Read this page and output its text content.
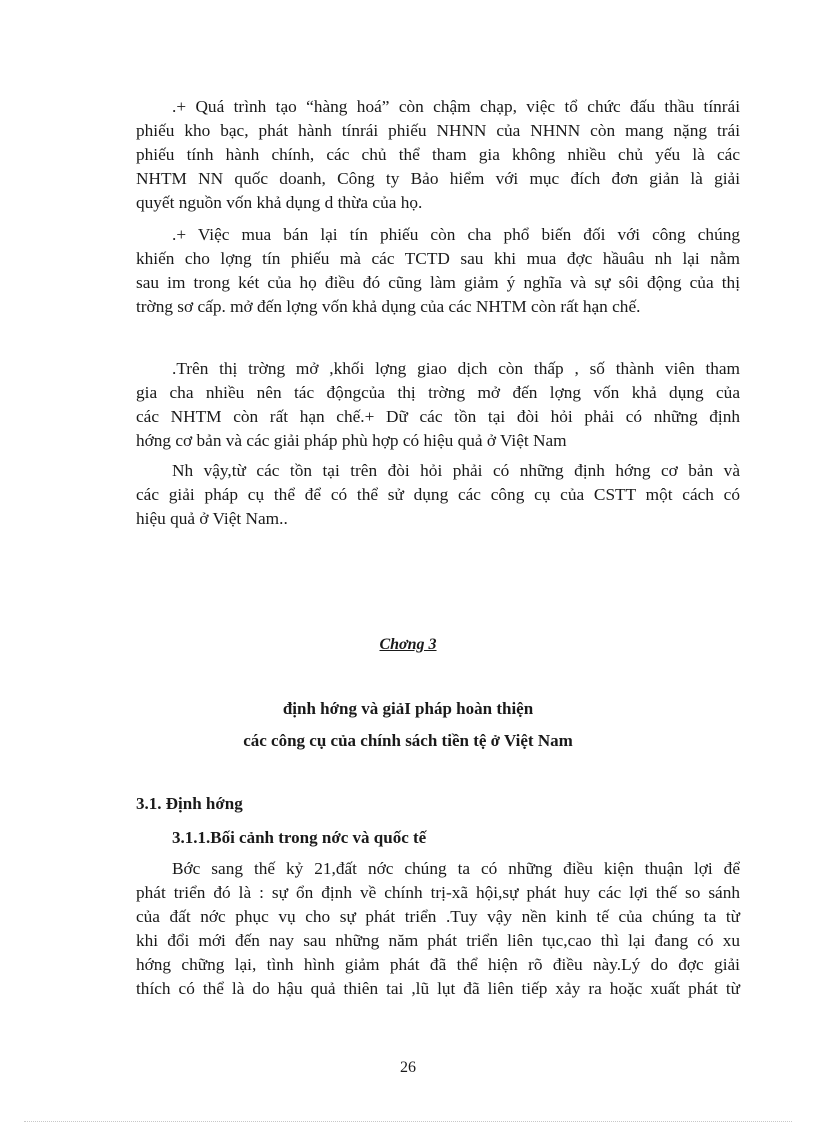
.+ Quá trình tạo “hàng hoá” còn chậm chạp, việc tổ chức đấu thầu tínrái
phiếu kho bạc, phát hành tínrái phiếu NHNN của NHNN còn mang nặng trái
phiếu tính hành chính, các chủ thể tham gia không nhiều chủ yếu là các
NHTM NN quốc doanh, Công ty Bảo hiểm với mục đích đơn giản là giải
quyết nguồn vốn khả dụng d thừa của họ.

.+ Việc mua bán lại tín phiếu còn cha phổ biến đối với công chúng
khiến cho lợng tín phiếu mà các TCTD sau khi mua đợc hầuâu nh lại nằm
sau im trong két của họ điều đó cũng làm giảm ý nghĩa và sự sôi động của thị
trờng sơ cấp. mở đến lợng vốn khả dụng của các NHTM còn rất hạn chế.

.Trên thị trờng mở ,khối lợng giao dịch còn thấp , số thành viên tham
gia cha nhiều nên tác độngcủa thị trờng mở đến lợng vốn khả dụng của
các NHTM còn rất hạn chế.+ Dữ các tồn tại đòi hỏi phải có những định
hớng cơ bản và các giải pháp phù hợp có hiệu quả ở Việt Nam

Nh vậy,từ các tồn tại trên đòi hỏi phải có những định hớng cơ bản và
các giải pháp cụ thể để có thể sử dụng các công cụ của CSTT một cách có
hiệu quả ở Việt Nam..

Chơng 3
định hớng và giảI pháp hoàn thiện
các công cụ của chính sách tiền tệ ở Việt Nam
3.1. Định hớng
3.1.1.Bối cảnh trong nớc và quốc tế

Bớc sang thế kỷ 21,đất nớc chúng ta có những điều kiện thuận lợi để
phát triển đó là : sự ổn định về chính trị-xã hội,sự phát huy các lợi thế so sánh
của đất nớc phục vụ cho sự phát triển .Tuy vậy nền kinh tế của chúng ta từ
khi đổi mới đến nay sau những năm phát triển liên tục,cao thì lại đang có xu
hớng chững lại, tình hình giảm phát đã thể hiện rõ điều này.Lý do đợc giải
thích có thể là do hậu quả thiên tai ,lũ lụt đã liên tiếp xảy ra hoặc xuất phát từ

26
